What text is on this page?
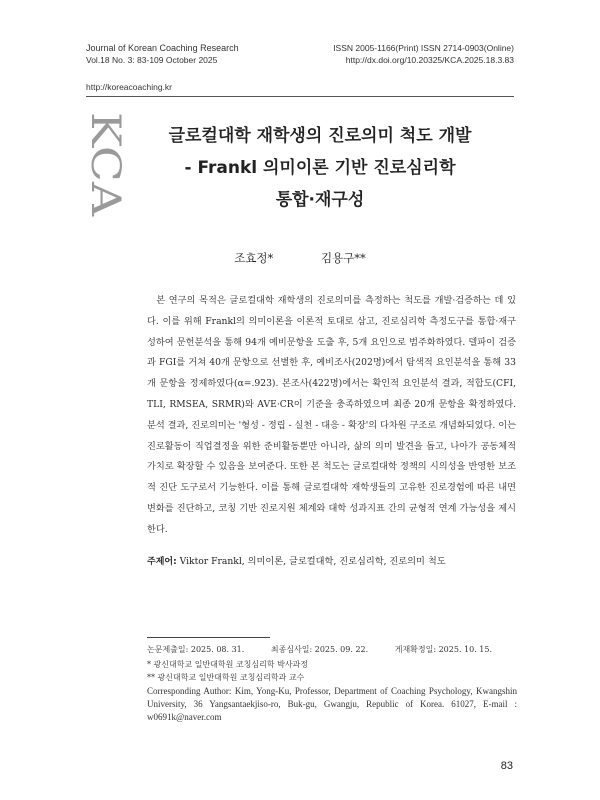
Journal of Korean Coaching Research
Vol.18 No. 3: 83-109 October 2025
ISSN 2005-1166(Print) ISSN 2714-0903(Online)
http://dx.doi.org/10.20325/KCA.2025.18.3.83
http://koreacoaching.kr
KCA	글로컬대학 재학생의 진로의미 척도 개발
- Frankl 의미이론 기반 진로심리학
통합·재구성
조효정*	김용구**

본 연구의 목적은 글로컬대학 재학생의 진로의미를 측정하는 척도를 개발·검증하는 데 있다. 이를 위해 Frankl의 의미이론을 이론적 토대로 삼고, 진로심리학 측정도구를 통합·재구성하여 문헌분석을 통해 94개 예비문항을 도출 후, 5개 요인으로 범주화하였다. 델파이 검증과 FGI를 거쳐 40개 문항으로 선별한 후, 예비조사(202명)에서 탐색적 요인분석을 통해 33개 문항을 정제하였다(α=.923). 본조사(422명)에서는 확인적 요인분석 결과, 적합도(CFI, TLI, RMSEA, SRMR)와 AVE·CR이 기준을 충족하였으며 최종 20개 문항을 확정하였다. 분석 결과, 진로의미는 '형성 - 정립 - 실천 - 대응 - 확장'의 다차원 구조로 개념화되었다. 이는 진로활동이 직업결정을 위한 준비활동뿐만 아니라, 삶의 의미 발견을 돕고, 나아가 공동체적 가치로 확장할 수 있음을 보여준다. 또한 본 척도는 글로컬대학 정책의 시의성을 반영한 보조적 진단 도구로서 기능한다. 이를 통해 글로컬대학 재학생들의 고유한 진로경험에 따른 내면 변화를 진단하고, 코칭 기반 진로지원 체계와 대학 성과지표 간의 균형적 연계 가능성을 제시한다.

주제어: Viktor Frankl, 의미이론, 글로컬대학, 진로심리학, 진로의미 척도
논문제출일: 2025. 08. 31.	최종심사일: 2025. 09. 22.	게재확정일: 2025. 10. 15.
* 광신대학교 일반대학원 코칭심리학 박사과정
** 광신대학교 일반대학원 코칭심리학과 교수
Corresponding Author: Kim, Yong-Ku, Professor, Department of Coaching Psychology, Kwangshin University, 36 Yangsantaekjiso-ro, Buk-gu, Gwangju, Republic of Korea. 61027, E-mail : w0691k@naver.com
83
